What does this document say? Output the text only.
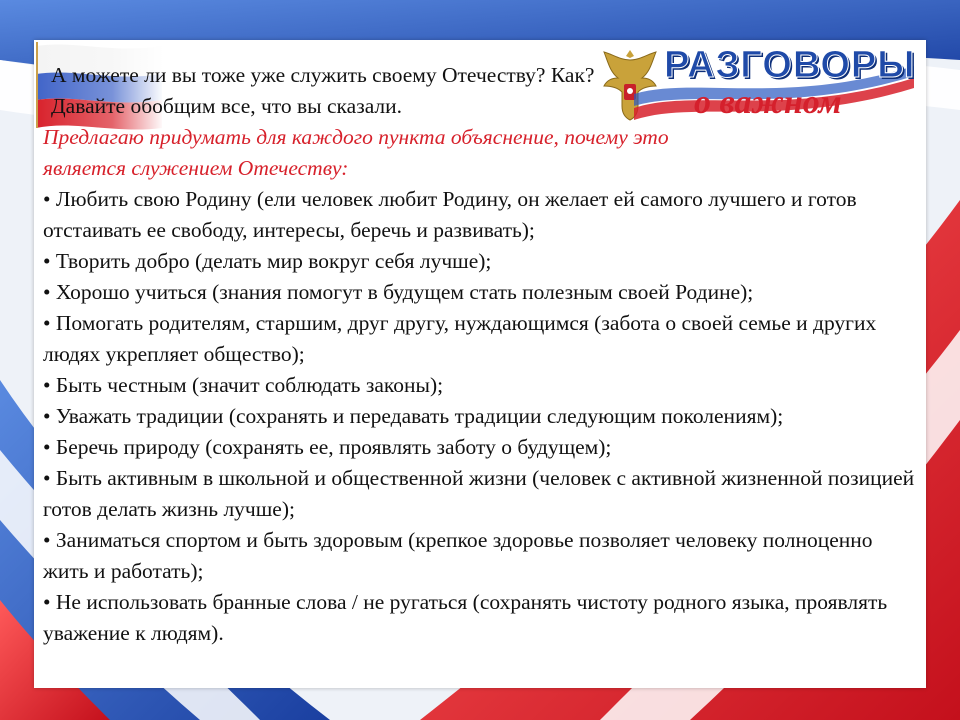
РАЗГОВОРЫ
о важном

А можете ли вы тоже уже служить своему Отечеству? Как?

Давайте обобщим все, что вы сказали.

Предлагаю придумать для каждого пункта объяснение, почему это

является служением Отечеству:

• Любить свою Родину (ели человек любит Родину, он желает ей самого лучшего и готов отстаивать ее свободу, интересы, беречь и развивать);

• Творить добро (делать мир вокруг себя лучше);

• Хорошо учиться (знания помогут в будущем стать полезным своей Родине);

• Помогать родителям, старшим, друг другу, нуждающимся (забота о своей семье и других людях укрепляет общество);

• Быть честным (значит соблюдать законы);

• Уважать традиции (сохранять и передавать традиции следующим поколениям);

• Беречь природу (сохранять ее, проявлять заботу о будущем);

• Быть активным в школьной и общественной жизни (человек с активной жизненной позицией готов делать жизнь лучше);

• Заниматься спортом и быть здоровым (крепкое здоровье позволяет человеку полноценно жить и работать);

• Не использовать бранные слова / не ругаться (сохранять чистоту родного языка, проявлять уважение к людям).
